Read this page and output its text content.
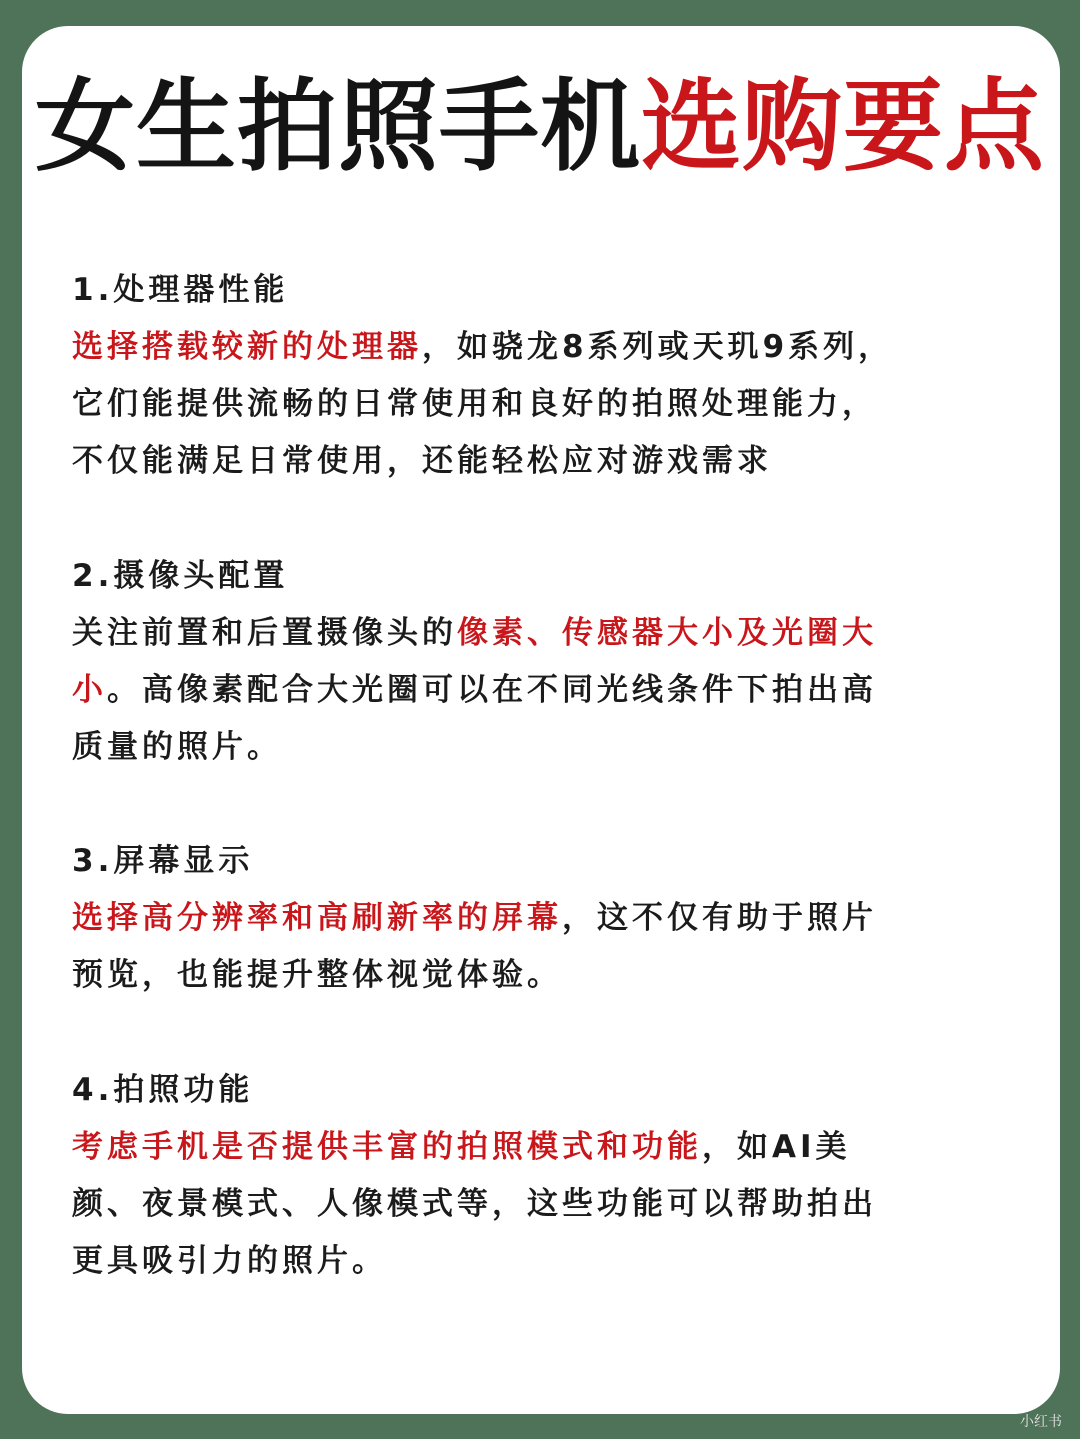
女生拍照手机选购要点
1.处理器性能
选择搭载较新的处理器，如骁龙8系列或天玑9系列，
它们能提供流畅的日常使用和良好的拍照处理能力，
不仅能满足日常使用，还能轻松应对游戏需求
2.摄像头配置
关注前置和后置摄像头的像素、传感器大小及光圈大
小。高像素配合大光圈可以在不同光线条件下拍出高
质量的照片。
3.屏幕显示
选择高分辨率和高刷新率的屏幕，这不仅有助于照片
预览，也能提升整体视觉体验。
4.拍照功能
考虑手机是否提供丰富的拍照模式和功能，如AI美
颜、夜景模式、人像模式等，这些功能可以帮助拍出
更具吸引力的照片。
小红书
